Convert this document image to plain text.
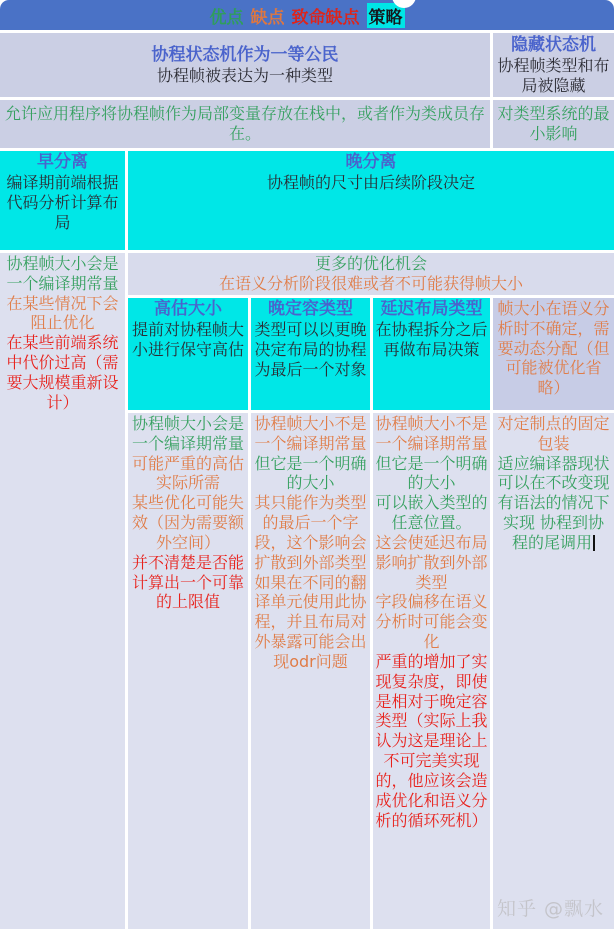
优点 缺点 致命缺点 策略
协程状态机作为一等公民
协程帧被表达为一种类型
隐藏状态机
协程帧类型和布局被隐藏
允许应用程序将协程帧作为局部变量存放在栈中，或者作为类成员存在。
对类型系统的最小影响
早分离
编译期前端根据代码分析计算布局
晚分离
协程帧的尺寸由后续阶段决定
协程帧大小会是一个编译期常量
在某些情况下会阻止优化
在某些前端系统中代价过高（需要大规模重新设计）
更多的优化机会
在语义分析阶段很难或者不可能获得帧大小
高估大小
提前对协程帧大小进行保守高估
晚定容类型
类型可以以更晚决定布局的协程为最后一个对象
延迟布局类型
在协程拆分之后再做布局决策
帧大小在语义分析时不确定，需要动态分配（但可能被优化省略）
协程帧大小会是一个编译期常量
可能严重的高估实际所需
某些优化可能失效（因为需要额外空间）
并不清楚是否能计算出一个可靠的上限值
协程帧大小不是一个编译期常量
但它是一个明确的大小
其只能作为类型的最后一个字段，这个影响会扩散到外部类型
如果在不同的翻译单元使用此协程，并且布局对外暴露可能会出现odr问题
协程帧大小不是一个编译期常量
但它是一个明确的大小
可以嵌入类型的任意位置。
这会使延迟布局影响扩散到外部类型
字段偏移在语义分析时可能会变化
严重的增加了实现复杂度，即使是相对于晚定容类型（实际上我认为这是理论上不可完美实现的，他应该会造成优化和语义分析的循环死机）
对定制点的固定包装
适应编译器现状
可以在不改变现有语法的情况下实现 协程到协程的尾调用
知乎 @飘水
